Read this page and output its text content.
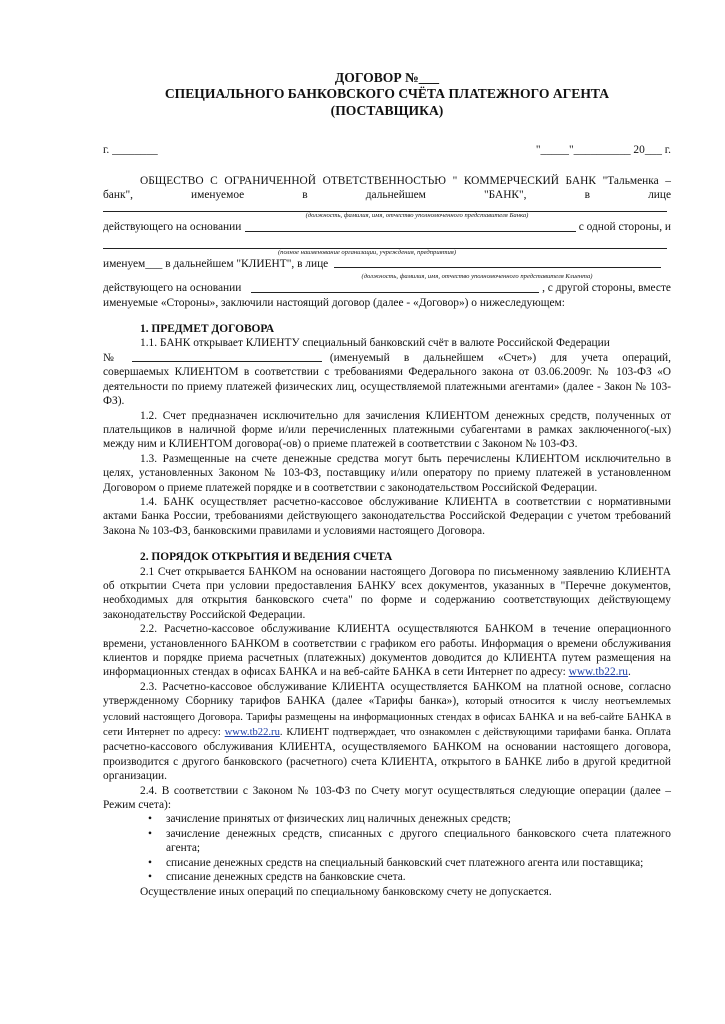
ДОГОВОР №___
СПЕЦИАЛЬНОГО БАНКОВСКОГО СЧЁТА ПЛАТЕЖНОГО АГЕНТА
(ПОСТАВЩИКА)
г. ________	"_____"__________ 20___ г.
ОБЩЕСТВО С ОГРАНИЧЕННОЙ ОТВЕТСТВЕННОСТЬЮ " КОММЕРЧЕСКИЙ БАНК "Тальменка – банк", именуемое в дальнейшем "БАНК", в лице
(должность, фамилия, имя, отчество уполномоченного представителя Банка)
действующего на основании	с одной стороны, и
(полное наименование организации, учреждения, предприятия)
именуем___ в дальнейшем "КЛИЕНТ", в лице
(должность, фамилия, имя, отчество уполномоченного представителя Клиента)
действующего на основании	, с другой стороны, вместе
именуемые «Стороны», заключили настоящий договор (далее - «Договор») о нижеследующем:
1. ПРЕДМЕТ ДОГОВОРА
1.1. БАНК открывает КЛИЕНТУ специальный банковский счёт в валюте Российской Федерации
№	(именуемый в дальнейшем «Счет») для учета операций,
совершаемых КЛИЕНТОМ в соответствии с требованиями Федерального закона от 03.06.2009г. № 103-ФЗ «О деятельности по приему платежей физических лиц, осуществляемой платежными агентами» (далее - Закон № 103-ФЗ).
1.2. Счет предназначен исключительно для зачисления КЛИЕНТОМ денежных средств, полученных от плательщиков в наличной форме и/или перечисленных платежными субагентами в рамках заключенного(-ых) между ним и КЛИЕНТОМ договора(-ов) о приеме платежей в соответствии с Законом № 103-ФЗ.
1.3. Размещенные на счете денежные средства могут быть перечислены КЛИЕНТОМ исключительно в целях, установленных Законом № 103-ФЗ, поставщику и/или оператору по приему платежей в установленном Договором о приеме платежей порядке и в соответствии с законодательством Российской Федерации.
1.4. БАНК осуществляет расчетно-кассовое обслуживание КЛИЕНТА в соответствии с нормативными актами Банка России, требованиями действующего законодательства Российской Федерации с учетом требований Закона № 103-ФЗ, банковскими правилами и условиями настоящего Договора.
2. ПОРЯДОК ОТКРЫТИЯ И ВЕДЕНИЯ СЧЕТА
2.1 Счет открывается БАНКОМ на основании настоящего Договора по письменному заявлению КЛИЕНТА об открытии Счета при условии предоставления БАНКУ всех документов, указанных в "Перечне документов, необходимых для открытия банковского счета" по форме и содержанию соответствующих действующему законодательству Российской Федерации.
2.2. Расчетно-кассовое обслуживание КЛИЕНТА осуществляются БАНКОМ в течение операционного времени, установленного БАНКОМ в соответствии с графиком его работы. Информация о времени обслуживания клиентов и порядке приема расчетных (платежных) документов доводится до КЛИЕНТА путем размещения на информационных стендах в офисах БАНКА и на веб-сайте БАНКА в сети Интернет по адресу: www.tb22.ru.
2.3. Расчетно-кассовое обслуживание КЛИЕНТА осуществляется БАНКОМ на платной основе, согласно утвержденному Сборнику тарифов БАНКА (далее «Тарифы банка»), который относится к числу неотъемлемых условий настоящего Договора. Тарифы размещены на информационных стендах в офисах БАНКА и на веб-сайте БАНКА в сети Интернет по адресу: www.tb22.ru. КЛИЕНТ подтверждает, что ознакомлен с действующими тарифами банка. Оплата расчетно-кассового обслуживания КЛИЕНТА, осуществляемого БАНКОМ на основании настоящего договора, производится с другого банковского (расчетного) счета КЛИЕНТА, открытого в БАНКЕ либо в другой кредитной организации.
2.4. В соответствии с Законом № 103-ФЗ по Счету могут осуществляться следующие операции (далее – Режим счета):
•	зачисление принятых от физических лиц наличных денежных средств;
•	зачисление денежных средств, списанных с другого специального банковского счета платежного агента;
•	списание денежных средств на специальный банковский счет платежного агента или поставщика;
•	списание денежных средств на банковские счета.
Осуществление иных операций по специальному банковскому счету не допускается.
